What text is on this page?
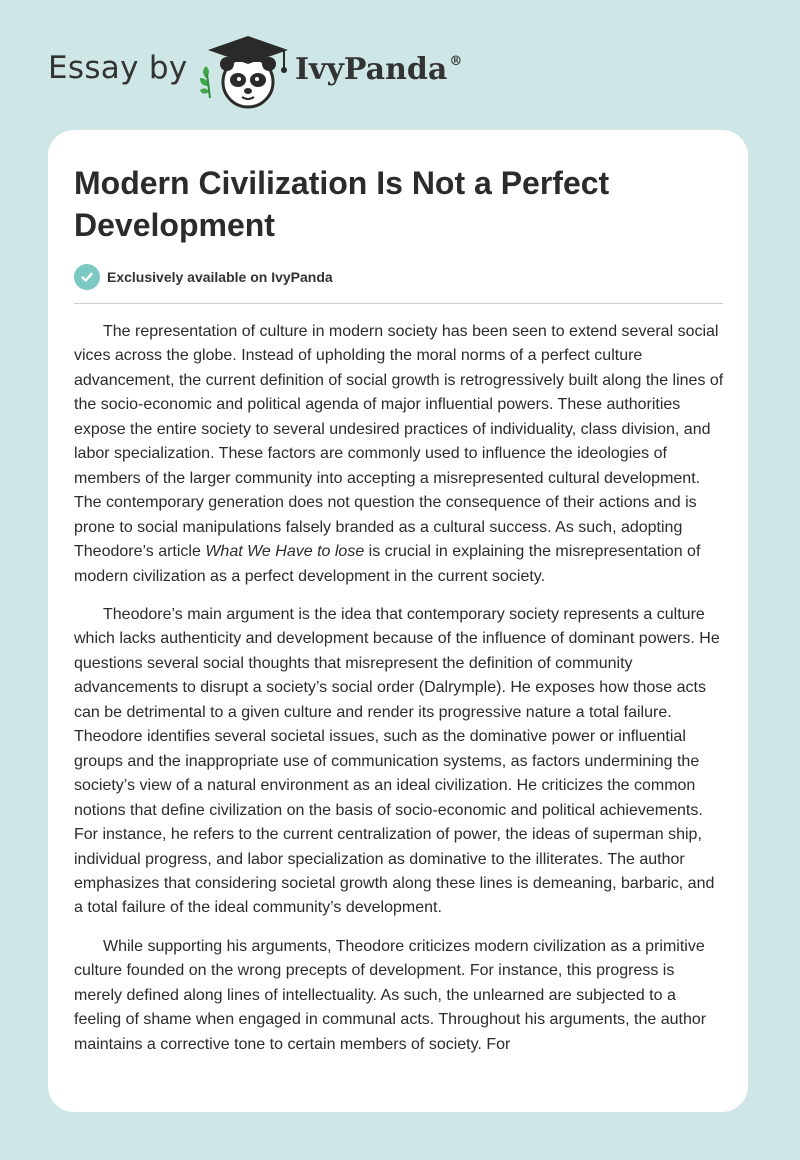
Essay by	IvyPanda ®
Modern Civilization Is Not a Perfect Development
Exclusively available on IvyPanda

The representation of culture in modern society has been seen to extend several social vices across the globe. Instead of upholding the moral norms of a perfect culture advancement, the current definition of social growth is retrogressively built along the lines of the socio-economic and political agenda of major influential powers. These authorities expose the entire society to several undesired practices of individuality, class division, and labor specialization. These factors are commonly used to influence the ideologies of members of the larger community into accepting a misrepresented cultural development. The contemporary generation does not question the consequence of their actions and is prone to social manipulations falsely branded as a cultural success. As such, adopting Theodore’s article What We Have to lose is crucial in explaining the misrepresentation of modern civilization as a perfect development in the current society.

Theodore’s main argument is the idea that contemporary society represents a culture which lacks authenticity and development because of the influence of dominant powers. He questions several social thoughts that misrepresent the definition of community advancements to disrupt a society’s social order (Dalrymple). He exposes how those acts can be detrimental to a given culture and render its progressive nature a total failure. Theodore identifies several societal issues, such as the dominative power or influential groups and the inappropriate use of communication systems, as factors undermining the society’s view of a natural environment as an ideal civilization. He criticizes the common notions that define civilization on the basis of socio-economic and political achievements. For instance, he refers to the current centralization of power, the ideas of superman ship, individual progress, and labor specialization as dominative to the illiterates. The author emphasizes that considering societal growth along these lines is demeaning, barbaric, and a total failure of the ideal community’s development.

While supporting his arguments, Theodore criticizes modern civilization as a primitive culture founded on the wrong precepts of development. For instance, this progress is merely defined along lines of intellectuality. As such, the unlearned are subjected to a feeling of shame when engaged in communal acts. Throughout his arguments, the author maintains a corrective tone to certain members of society. For
